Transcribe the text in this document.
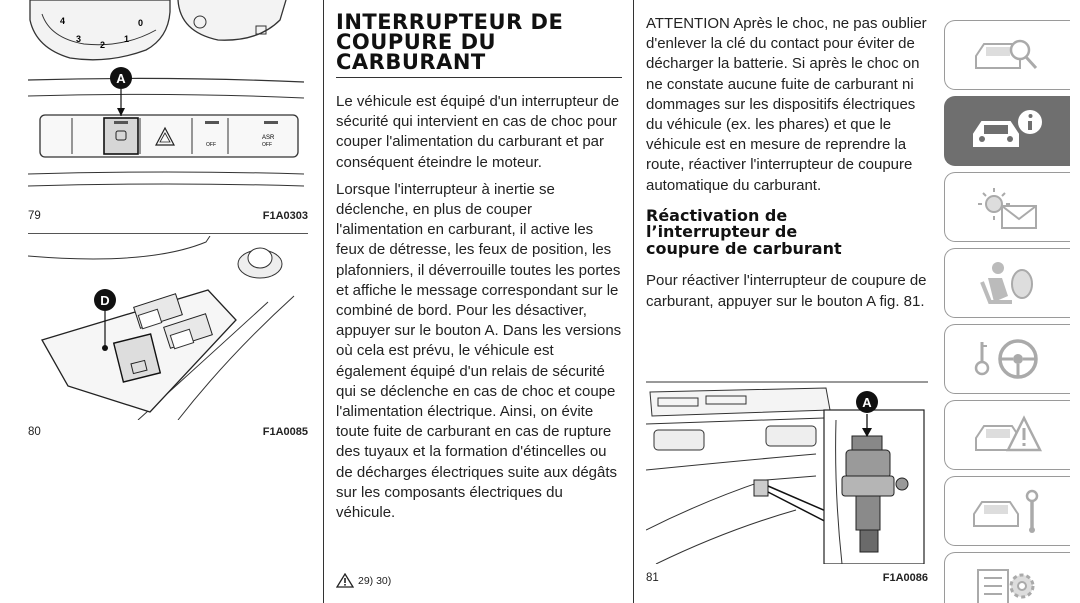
4	0
3
2
1
OFF
ASR
OFF
A
79	F1A0303
D
80	F1A0085
INTERRUPTEUR DE
COUPURE DU
CARBURANT

Le véhicule est équipé d'un interrupteur de sécurité qui intervient en cas de choc pour couper l'alimentation du carburant et par conséquent éteindre le moteur.

Lorsque l'interrupteur à inertie se déclenche, en plus de couper l'alimentation en carburant, il active les feux de détresse, les feux de position, les plafonniers, il déverrouille toutes les portes et affiche le message correspondant sur le combiné de bord. Pour les désactiver, appuyer sur le bouton A. Dans les versions où cela est prévu, le véhicule est également équipé d'un relais de sécurité qui se déclenche en cas de choc et coupe l'alimentation électrique. Ainsi, on évite toute fuite de carburant en cas de rupture des tuyaux et la formation d'étincelles ou de décharges électriques suite aux dégâts sur les composants électriques du véhicule.

29) 30)

ATTENTION Après le choc, ne pas oublier d'enlever la clé du contact pour éviter de décharger la batterie. Si après le choc on ne constate aucune fuite de carburant ni dommages sur les dispositifs électriques du véhicule (ex. les phares) et que le véhicule est en mesure de reprendre la route, réactiver l'interrupteur de coupure automatique du carburant.

Réactivation de
l’interrupteur de
coupure de carburant

Pour réactiver l'interrupteur de coupure de carburant, appuyer sur le bouton A fig. 81.

A
81	F1A0086
